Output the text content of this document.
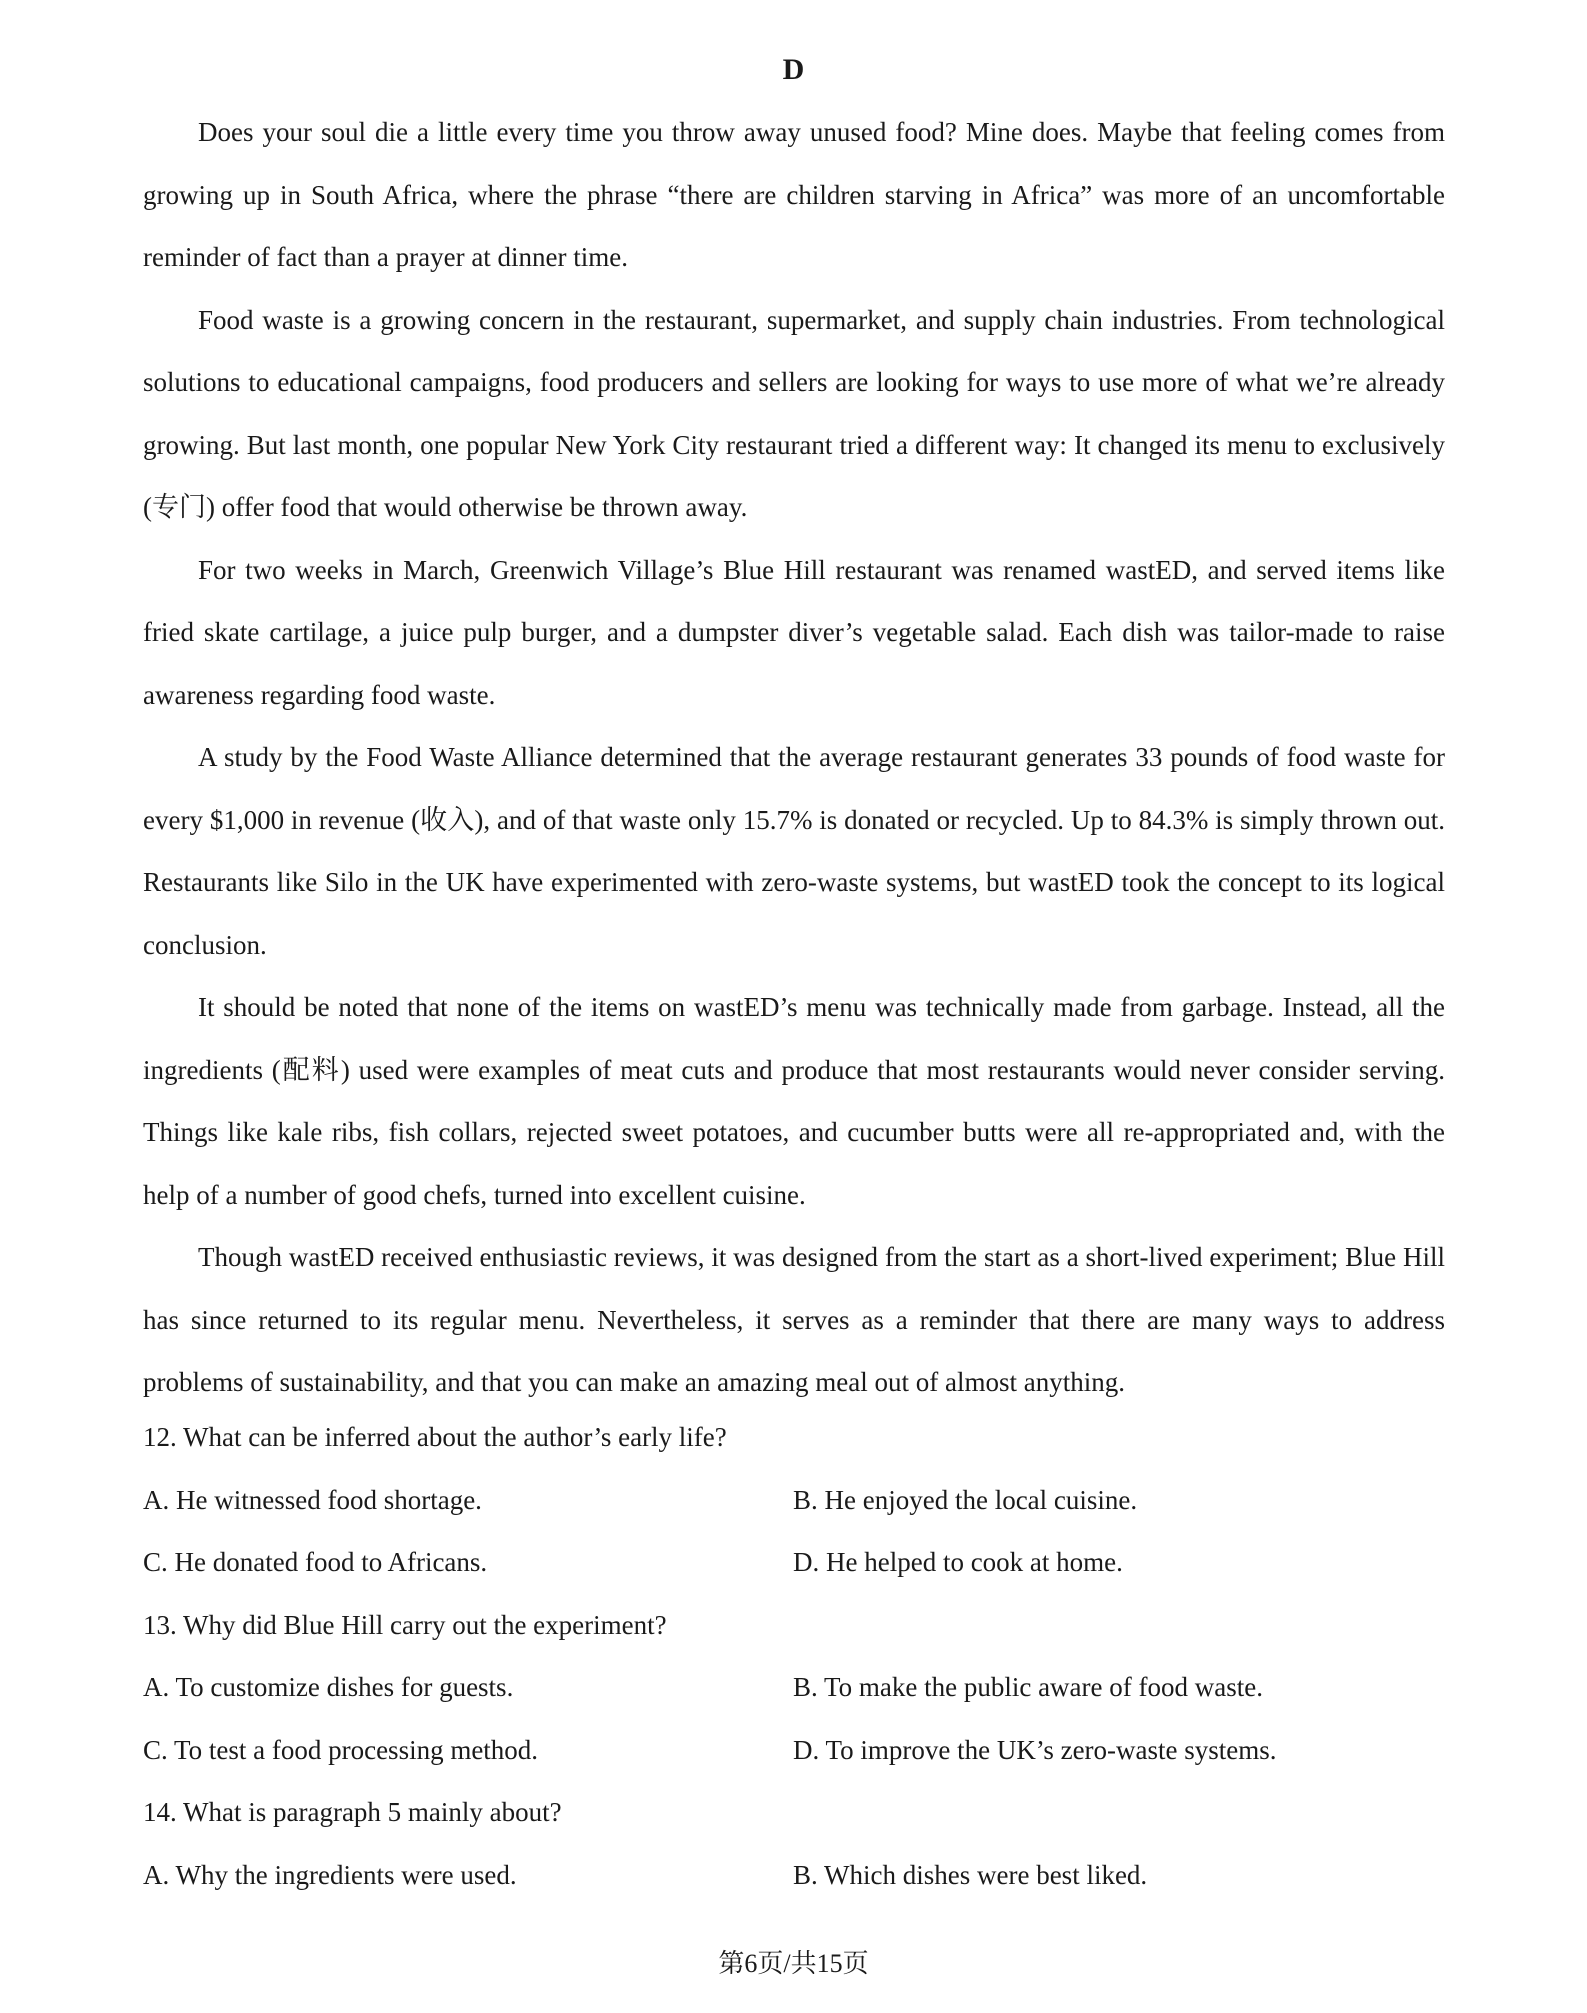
D

Does your soul die a little every time you throw away unused food? Mine does. Maybe that feeling comes from growing up in South Africa, where the phrase “there are children starving in Africa” was more of an uncomfortable reminder of fact than a prayer at dinner time.

Food waste is a growing concern in the restaurant, supermarket, and supply chain industries. From technological solutions to educational campaigns, food producers and sellers are looking for ways to use more of what we’re already growing. But last month, one popular New York City restaurant tried a different way: It changed its menu to exclusively (专门) offer food that would otherwise be thrown away.

For two weeks in March, Greenwich Village’s Blue Hill restaurant was renamed wastED, and served items like fried skate cartilage, a juice pulp burger, and a dumpster diver’s vegetable salad. Each dish was tailor-made to raise awareness regarding food waste.

A study by the Food Waste Alliance determined that the average restaurant generates 33 pounds of food waste for every $1,000 in revenue (收入), and of that waste only 15.7% is donated or recycled. Up to 84.3% is simply thrown out. Restaurants like Silo in the UK have experimented with zero-waste systems, but wastED took the concept to its logical conclusion.

It should be noted that none of the items on wastED’s menu was technically made from garbage. Instead, all the ingredients (配料) used were examples of meat cuts and produce that most restaurants would never consider serving. Things like kale ribs, fish collars, rejected sweet potatoes, and cucumber butts were all re-appropriated and, with the help of a number of good chefs, turned into excellent cuisine.

Though wastED received enthusiastic reviews, it was designed from the start as a short-lived experiment; Blue Hill has since returned to its regular menu. Nevertheless, it serves as a reminder that there are many ways to address problems of sustainability, and that you can make an amazing meal out of almost anything.

12. What can be inferred about the author’s early life?
A. He witnessed food shortage.	B. He enjoyed the local cuisine.
C. He donated food to Africans.	D. He helped to cook at home.
13. Why did Blue Hill carry out the experiment?
A. To customize dishes for guests.	B. To make the public aware of food waste.
C. To test a food processing method.	D. To improve the UK’s zero-waste systems.
14. What is paragraph 5 mainly about?
A. Why the ingredients were used.	B. Which dishes were best liked.
第6页/共15页
